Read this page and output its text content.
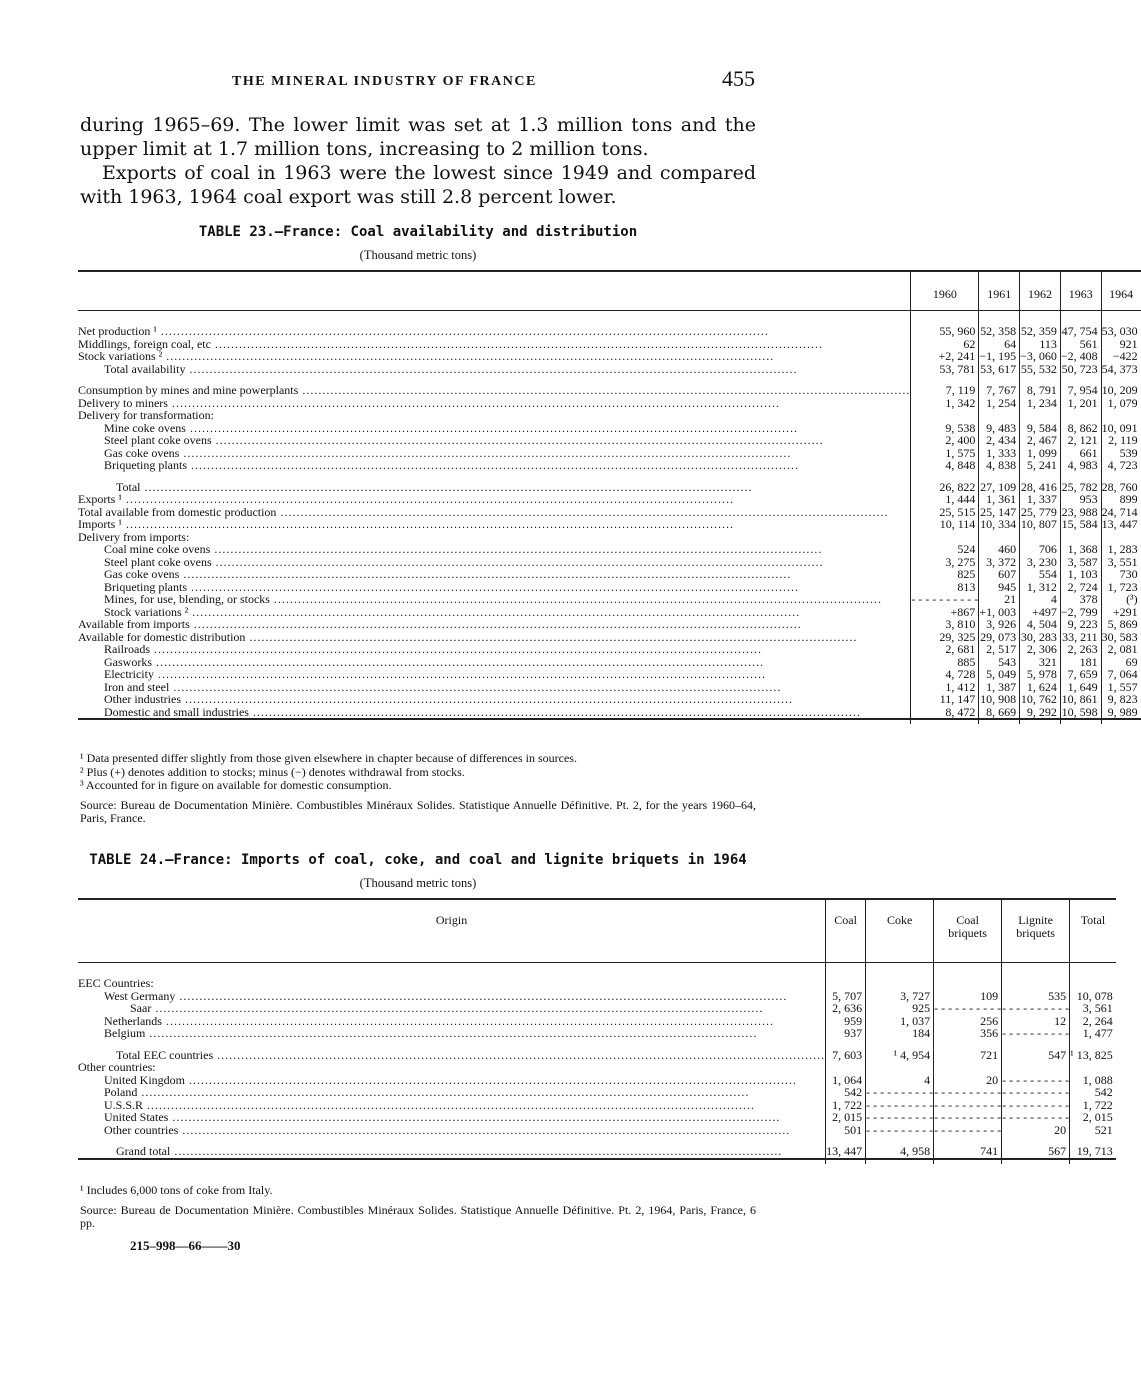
THE MINERAL INDUSTRY OF FRANCE	455

during 1965–69. The lower limit was set at 1.3 million tons and the upper limit at 1.7 million tons, increasing to 2 million tons.

Exports of coal in 1963 were the lowest since 1949 and compared with 1963, 1964 coal export was still 2.8 percent lower.

TABLE 23.—France: Coal availability and distribution
(Thousand metric tons)
	1960	1961	1962	1963	1964

Net production ¹ .....	55, 960	52, 358	52, 359	47, 754	53, 030

Middlings, foreign coal, etc .....	62	64	113	561	921

Stock variations ² .....	+2, 241	−1, 195	−3, 060	−2, 408	−422

Total availability .....	53, 781	53, 617	55, 532	50, 723	54, 373

Consumption by mines and mine powerplants .....	7, 119	7, 767	8, 791	7, 954	10, 209

Delivery to miners .....	1, 342	1, 254	1, 234	1, 201	1, 079
Delivery for transformation:					

Mine coke ovens .....	9, 538	9, 483	9, 584	8, 862	10, 091

Steel plant coke ovens .....	2, 400	2, 434	2, 467	2, 121	2, 119

Gas coke ovens .....	1, 575	1, 333	1, 099	661	539

Briqueting plants .....	4, 848	4, 838	5, 241	4, 983	4, 723

Total .....	26, 822	27, 109	28, 416	25, 782	28, 760

Exports ¹ .....	1, 444	1, 361	1, 337	953	899

Total available from domestic production .....	25, 515	25, 147	25, 779	23, 988	24, 714

Imports ¹ .....	10, 114	10, 334	10, 807	15, 584	13, 447
Delivery from imports:					

Coal mine coke ovens .....	524	460	706	1, 368	1, 283

Steel plant coke ovens .....	3, 275	3, 372	3, 230	3, 587	3, 551

Gas coke ovens .....	825	607	554	1, 103	730

Briqueting plants .....	813	945	1, 312	2, 724	1, 723

Mines, for use, blending, or stocks .....	- - - - - - - - - -	21	4	378	(³)

Stock variations ² .....	+867	+1, 003	+497	−2, 799	+291

Available from imports .....	3, 810	3, 926	4, 504	9, 223	5, 869

Available for domestic distribution .....	29, 325	29, 073	30, 283	33, 211	30, 583

Railroads .....	2, 681	2, 517	2, 306	2, 263	2, 081

Gasworks .....	885	543	321	181	69

Electricity .....	4, 728	5, 049	5, 978	7, 659	7, 064

Iron and steel .....	1, 412	1, 387	1, 624	1, 649	1, 557

Other industries .....	11, 147	10, 908	10, 762	10, 861	9, 823

Domestic and small industries .....	8, 472	8, 669	9, 292	10, 598	9, 989

¹ Data presented differ slightly from those given elsewhere in chapter because of differences in sources.

² Plus (+) denotes addition to stocks; minus (−) denotes withdrawal from stocks.

³ Accounted for in figure on available for domestic consumption.

Source: Bureau de Documentation Minière. Combustibles Minéraux Solides. Statistique Annuelle Définitive. Pt. 2, for the years 1960–64, Paris, France.

TABLE 24.—France: Imports of coal, coke, and coal and lignite briquets in 1964
(Thousand metric tons)
Origin	Coal	Coke	Coal briquets	Lignite briquets	Total

EEC Countries:					

West Germany .....	5, 707	3, 727	109	535	10, 078

Saar .....	2, 636	925	- - - - - - - - - -	- - - - - - - - - -	3, 561

Netherlands .....	959	1, 037	256	12	2, 264

Belgium .....	937	184	356	- - - - - - - - - -	1, 477

Total EEC countries .....	7, 603	¹ 4, 954	721	547	¹ 13, 825
Other countries:					

United Kingdom .....	1, 064	4	20	- - - - - - - - - -	1, 088

Poland .....	542	- - - - - - - - - -	- - - - - - - - - -	- - - - - - - - - -	542

U.S.S.R .....	1, 722	- - - - - - - - - -	- - - - - - - - - -	- - - - - - - - - -	1, 722

United States .....	2, 015	- - - - - - - - - -	- - - - - - - - - -	- - - - - - - - - -	2, 015

Other countries .....	501	- - - - - - - - - -	- - - - - - - - - -	20	521

Grand total .....	13, 447	4, 958	741	567	19, 713

¹ Includes 6,000 tons of coke from Italy.

Source: Bureau de Documentation Minière. Combustibles Minéraux Solides. Statistique Annuelle Définitive. Pt. 2, 1964, Paris, France, 6 pp.

215–998—66——30
